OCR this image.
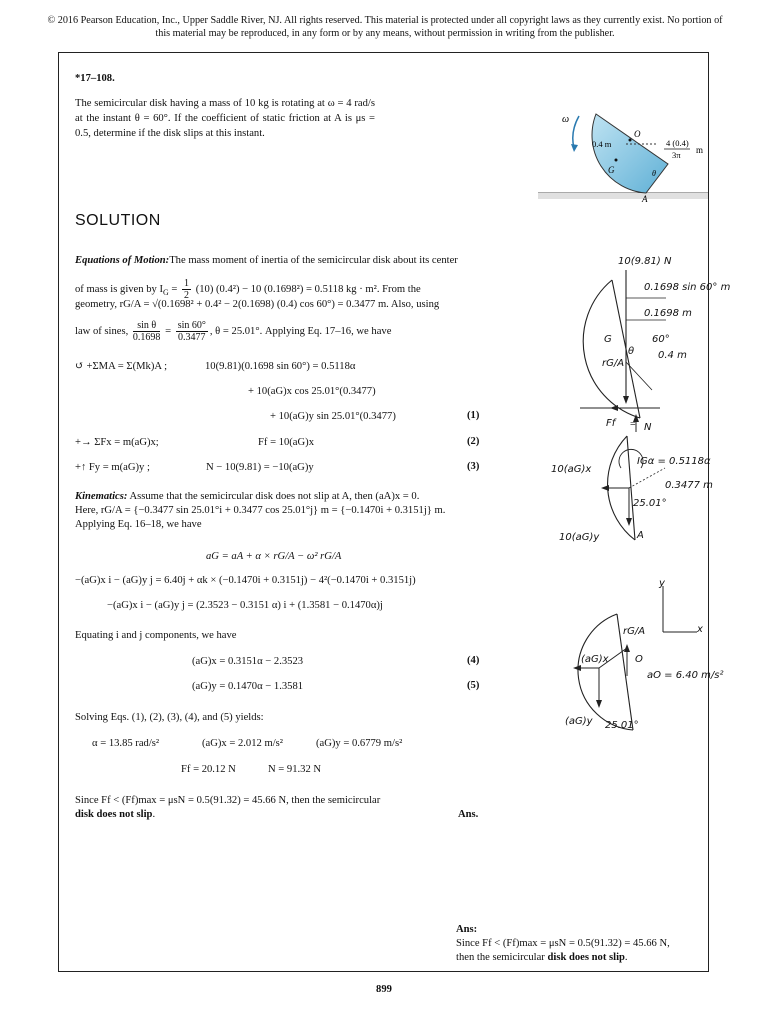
© 2016 Pearson Education, Inc., Upper Saddle River, NJ. All rights reserved. This material is protected under all copyright laws as they currently exist. No portion of this material may be reproduced, in any form or by any means, without permission in writing from the publisher.
*17–108.
The semicircular disk having a mass of 10 kg is rotating at ω = 4 rad/s at the instant θ = 60°. If the coefficient of static friction at A is μs = 0.5, determine if the disk slips at this instant.
ω
0.4 m
O
G	θ
A
4 (0.4)
3π m
SOLUTION
Equations of Motion:The mass moment of inertia of the semicircular disk about its center
of mass is given by $I_G = \frac{1}{2} (10) (0.4^2) - 10$ (0.1698²) = 0.5118 kg · m². From the
geometry, rG/A = √(0.1698² + 0.4² − 2(0.1698) (0.4) cos 60°) = 0.3477 m. Also, using
law of sines, $\frac{\text{sin θ}}{0.1698} = \frac{\sin 60^\circ}{0.3477}$ , θ = 25.01°. Applying Eq. 17–16, we have
↺ +ΣMA = Σ(Mk)A ;	10(9.81)(0.1698 sin 60°) = 0.5118α
+ 10(aG)x cos 25.01°(0.3477)
+ 10(aG)y sin 25.01°(0.3477)	(1)
+→ ΣFx = m(aG)x;	Ff = 10(aG)x	(2)
+↑ Fy = m(aG)y ;	N − 10(9.81) = −10(aG)y	(3)
Kinematics: Assume that the semicircular disk does not slip at A, then (aA)x = 0.
Here, rG/A = {−0.3477 sin 25.01°i + 0.3477 cos 25.01°j} m = {−0.1470i + 0.3151j} m.
Applying Eq. 16–18, we have
aG = aA + α × rG/A − ω² rG/A
−(aG)x i − (aG)y j = 6.40j + αk × (−0.1470i + 0.3151j) − 4²(−0.1470i + 0.3151j)
−(aG)x i − (aG)y j = (2.3523 − 0.3151 α) i + (1.3581 − 0.1470α)j
Equating i and j components, we have
(aG)x = 0.3151α − 2.3523	(4)
(aG)y = 0.1470α − 1.3581	(5)
Solving Eqs. (1), (2), (3), (4), and (5) yields:
α = 13.85 rad/s²	(aG)x = 2.012 m/s²	(aG)y = 0.6779 m/s²
Ff = 20.12 N	N = 91.32 N
Since Ff < (Ff)max = μsN = 0.5(91.32) = 45.66 N, then the semicircular
disk does not slip.	Ans.
10(9.81) N
0.1698 sin 60° m
0.1698 m
60°
0.4 m
G
rG/A
θ
Ff	N
=
IGα = 0.5118α
10(aG)x
0.3477 m
25.01°
10(aG)y	A
y
x
rG/A
(aG)x	O
aO = 6.40 m/s²
(aG)y 25.01°
Ans:
Since Ff < (Ff)max = μsN = 0.5(91.32) = 45.66 N,
then the semicircular disk does not slip.
899
